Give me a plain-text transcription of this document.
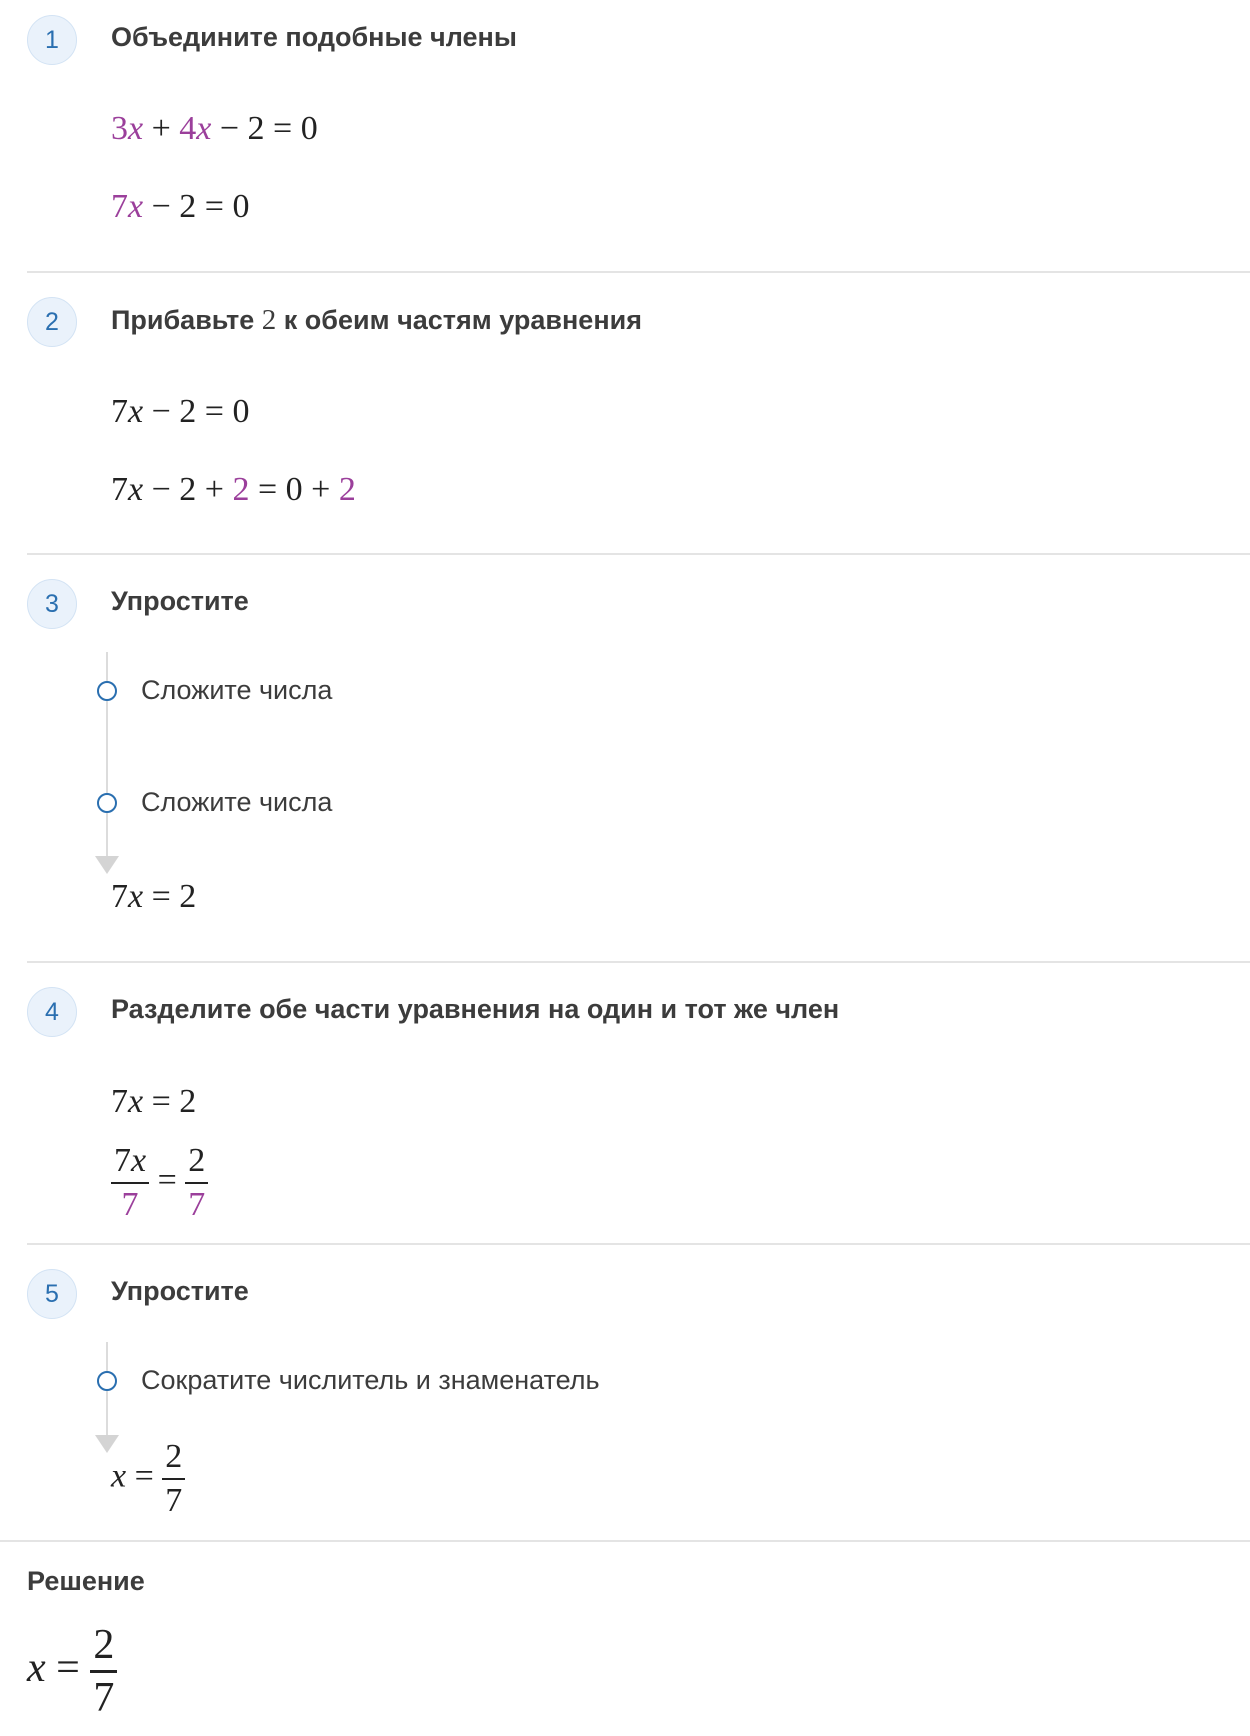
1	Объедините подобные члены
3x + 4x − 2 = 0
7x − 2 = 0
2	Прибавьте 2 к обеим частям уравнения
7x − 2 = 0
7x − 2 + 2 = 0 + 2
3	Упростите
Сложите числа
Сложите числа
7x = 2
4	Разделите обе части уравнения на один и тот же член
7x = 2
$\frac{7x}{7} = \frac{2}{7}$
5	Упростите
Сократите числитель и знаменатель
$x = \frac{2}{7}$
Решение
$x = \frac{2}{7}$
